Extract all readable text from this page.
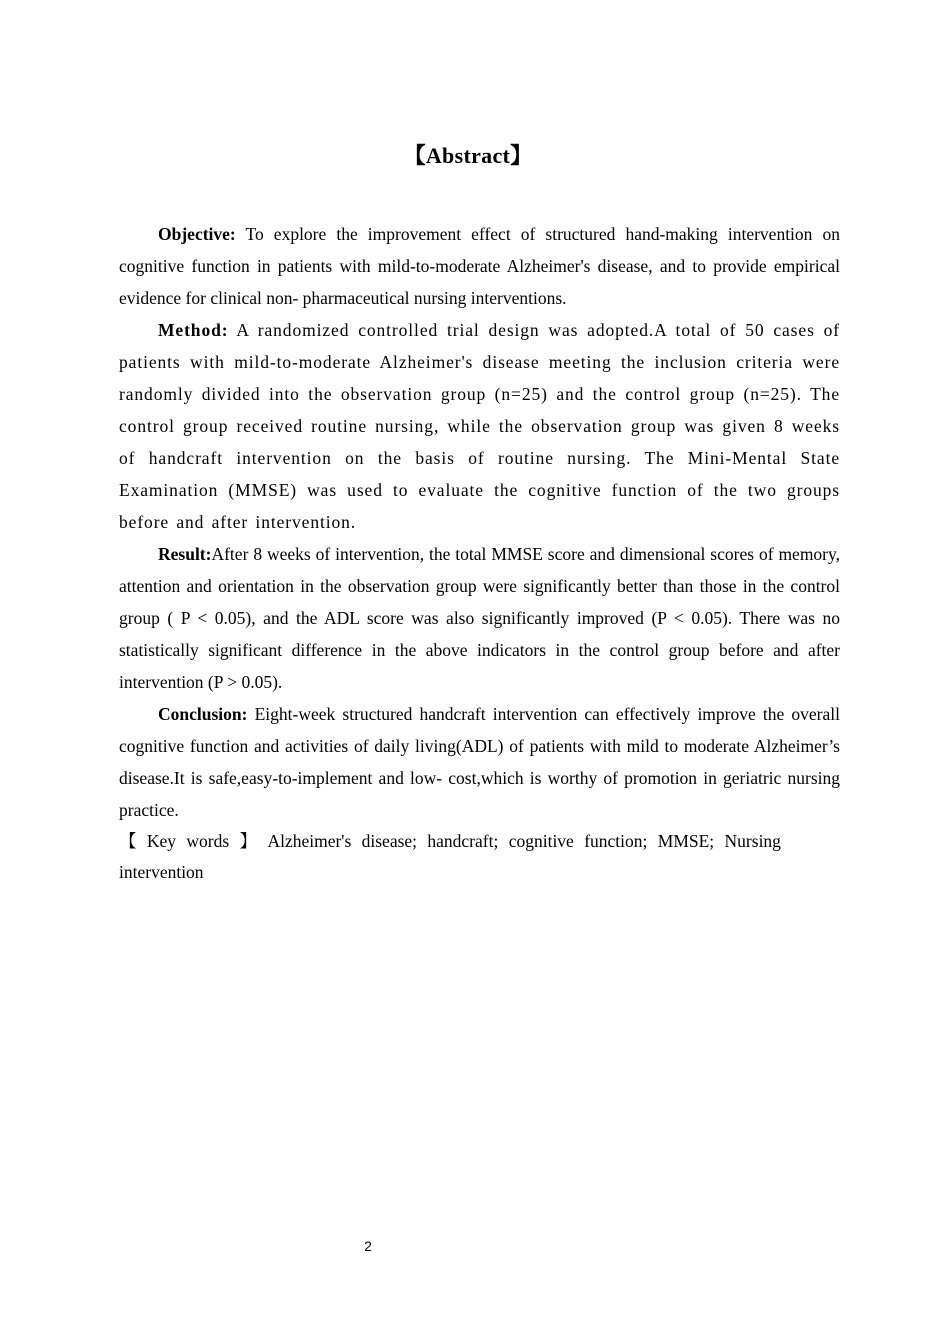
【Abstract】

Objective: To explore the improvement effect of structured hand-making intervention on cognitive function in patients with mild-to-moderate Alzheimer's disease, and to provide empirical evidence for clinical non- pharmaceutical nursing interventions.

Method: A randomized controlled trial design was adopted.A total of 50 cases of patients with mild-to-moderate Alzheimer's disease meeting the inclusion criteria were randomly divided into the observation group (n=25) and the control group (n=25). The control group received routine nursing, while the observation group was given 8 weeks of handcraft intervention on the basis of routine nursing. The Mini-Mental State Examination (MMSE) was used to evaluate the cognitive function of the two groups before and after intervention.

Result:After 8 weeks of intervention, the total MMSE score and dimensional scores of memory, attention and orientation in the observation group were significantly better than those in the control group ( P < 0.05), and the ADL score was also significantly improved (P < 0.05). There was no statistically significant difference in the above indicators in the control group before and after intervention (P > 0.05).

Conclusion: Eight-week structured handcraft intervention can effectively improve the overall cognitive function and activities of daily living(ADL) of patients with mild to moderate Alzheimer’s disease.It is safe,easy-to-implement and low- cost,which is worthy of promotion in geriatric nursing practice.

【 Key words 】 Alzheimer's disease; handcraft; cognitive function; MMSE; Nursing intervention

2
